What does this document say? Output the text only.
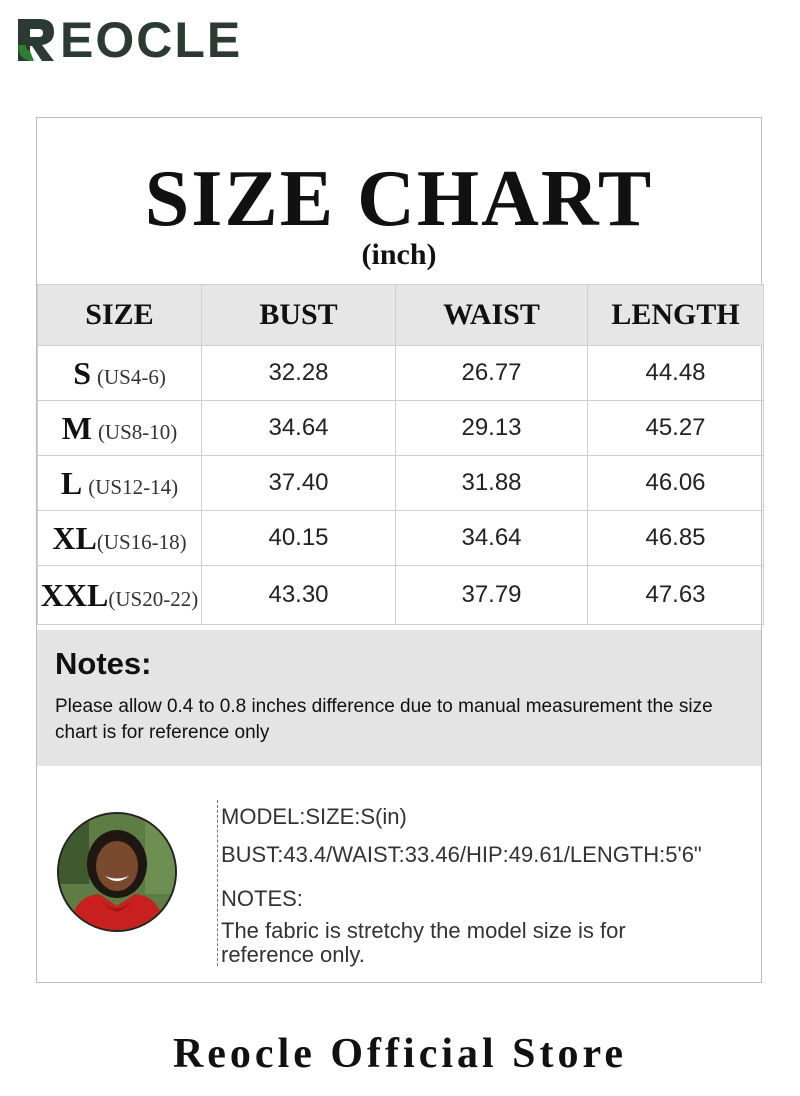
EOCLE
SIZE CHART
(inch)
SIZE	BUST	WAIST	LENGTH
S (US4-6)	32.28	26.77	44.48
M (US8-10)	34.64	29.13	45.27
L (US12-14)	37.40	31.88	46.06
XL(US16-18)	40.15	34.64	46.85
XXL(US20-22)	43.30	37.79	47.63
Notes:
Please allow 0.4 to 0.8 inches difference due to manual measurement the size chart is for reference only
MODEL:SIZE:S(in)
BUST:43.4/WAIST:33.46/HIP:49.61/LENGTH:5'6"
NOTES:
The fabric is stretchy the model size is for
reference only.
Reocle Official Store
